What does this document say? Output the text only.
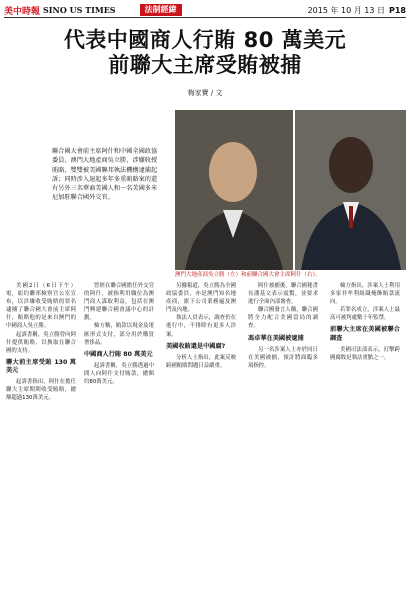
美中時報 SINO US TIMES	法制經緯	2015 年 10 月 13 日 P18
代表中國商人行賄 80 萬美元
前聯大主席受賄被捕
梅家寶 / 文
聯合國大會前主席阿什和中國全國政協委員、澳門大地產商吳立勝，涉嫌收授賄賂，雙雙被美國聯邦執法機構逮捕起訴；同時涉入退起多年多重賄賂案的還有另外三名華裔美國人和一名美國多米尼加駐聯合國外交官。
澳門大地產商吳立勝（左）和前聯合國大會主席阿什（右）。

美國2日（6日下午）電，紐約聯邦檢察官公室宣布，以涉嫌收受賄賂的罪名逮捕了聯合國大會前主席阿什，賄賂他的是來自澳門的中國商人吳立勝。

起訴書稱，吳立勝曾向阿什提供賄賂，以換取在聯合國的支持。

聯大前主席受賄 130 萬美元

起訴書指出，阿什在擔任聯大主席期間收受賄賂，總額超過130萬美元。

曾經在聯合國擔任外交官的阿什，被指利用職位為澳門商人謀取利益，包括在澳門興建聯合國會議中心的計劃。

檢方稱，賄款以現金及電匯形式支付，部分用於購買奢侈品。

中國商人行賄 80 萬美元

起訴書稱，吳立勝透過中間人向阿什支付賄款，總額約80萬美元。

另據報道，吳立勝為全國政協委員，亦是澳門知名地產商，旗下公司業務遍及澳門及內地。

執法人員表示，調查仍在進行中，不排除有更多人涉案。

美國收賄還是中國腐?

分析人士指出，此案反映跨國賄賂問題日益嚴重。

阿什被捕後，聯合國秘書長潘基文表示震驚，並要求進行全面內部審查。

聯合國發言人稱，聯合國將全力配合美國當局的調查。

馮卓華在美國被逮捕

另一名涉案人士亦於同日在美國被捕，預計將面臨多項指控。

檢方指出，涉案人士利用多家非牟利組織掩飾賄款流向。

若罪名成立，涉案人士最高可被判處數十年監禁。

前聯大主席在美國被聯合調查

美國司法部表示，打擊跨國腐敗是執法重點之一。
